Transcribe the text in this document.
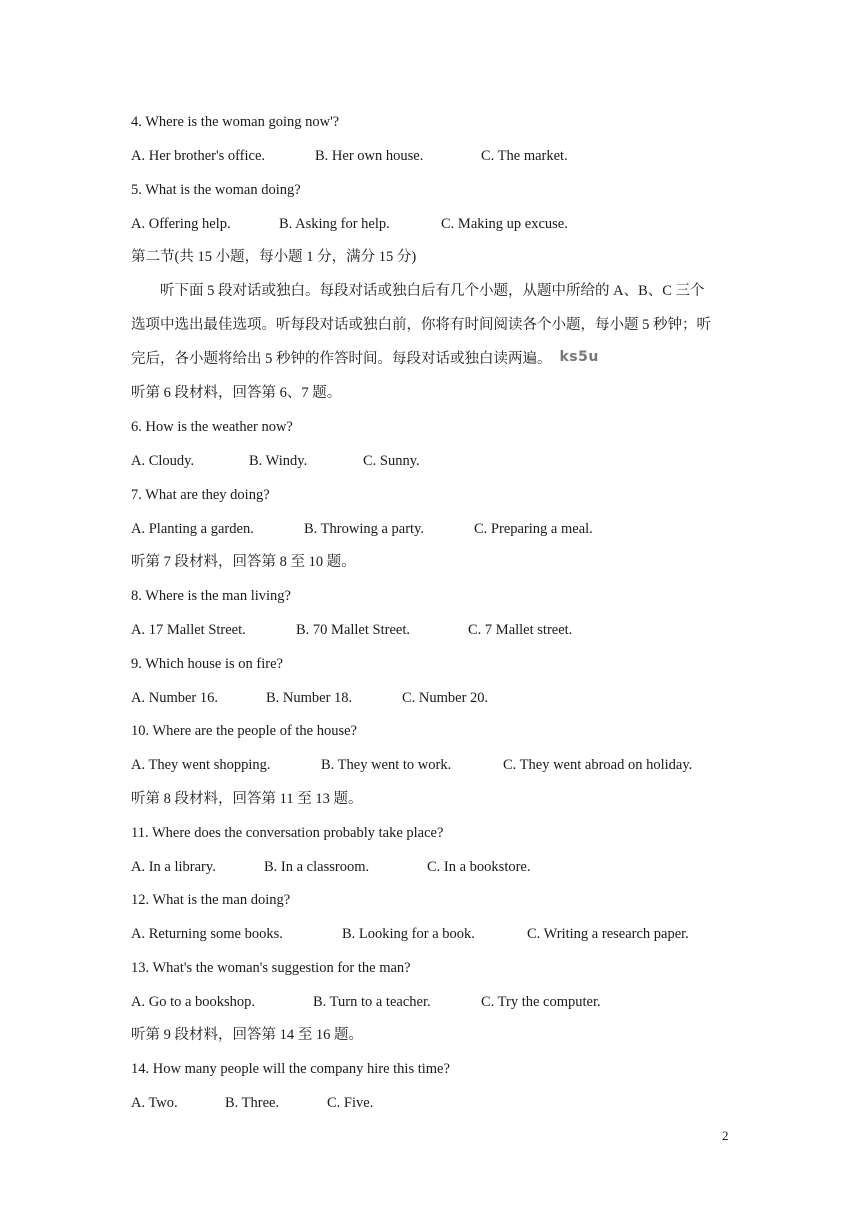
4. Where is the woman going now'?
A. Her brother's office.	B. Her own house.	C. The market.
5. What is the woman doing?
A. Offering help.	B. Asking for help.	C. Making up excuse.
第二节(共 15 小题，每小题 1 分，满分 15 分)
听下面 5 段对话或独白。每段对话或独白后有几个小题，从题中所给的 A、B、C 三个
选项中选出最佳选项。听每段对话或独白前，你将有时间阅读各个小题，每小题 5 秒钟；听
完后，各小题将给出 5 秒钟的作答时间。每段对话或独白读两遍。 ks5u
听第 6 段材料，回答第 6、7 题。
6. How is the weather now?
A. Cloudy.	B. Windy.	C. Sunny.
7. What are they doing?
A. Planting a garden.	B. Throwing a party.	C. Preparing a meal.
听第 7 段材料，回答第 8 至 10 题。
8. Where is the man living?
A. 17 Mallet Street.	B. 70 Mallet Street.	C. 7 Mallet street.
9. Which house is on fire?
A. Number 16.	B. Number 18.	C. Number 20.
10. Where are the people of the house?
A. They went shopping.	B. They went to work.	C. They went abroad on holiday.
听第 8 段材料，回答第 11 至 13 题。
11. Where does the conversation probably take place?
A. In a library.	B. In a classroom.	C. In a bookstore.
12. What is the man doing?
A. Returning some books.	B. Looking for a book.	C. Writing a research paper.
13. What's the woman's suggestion for the man?
A. Go to a bookshop.	B. Turn to a teacher.	C. Try the computer.
听第 9 段材料，回答第 14 至 16 题。
14. How many people will the company hire this time?
A. Two.	B. Three.	C. Five.
2
